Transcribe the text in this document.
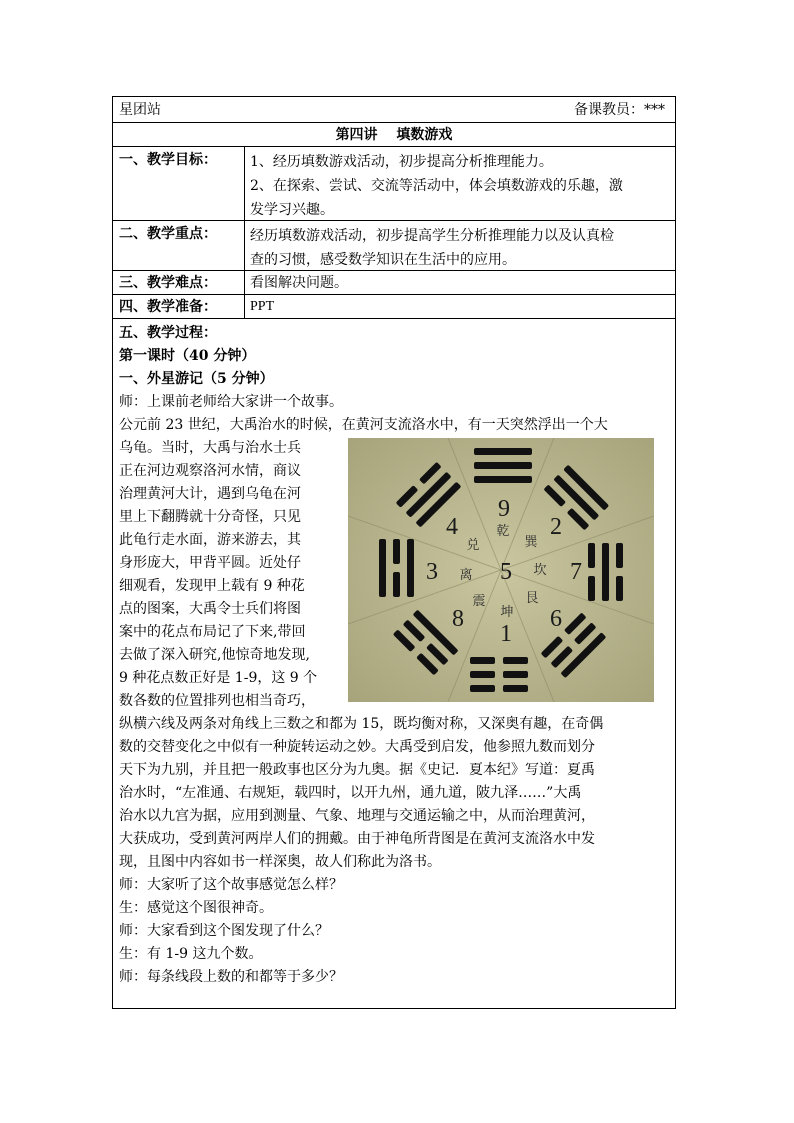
星团站	备课教员：***
第四讲　 填数游戏
一、教学目标： 1、经历填数游戏活动，初步提高分析推理能力。
2、在探索、尝试、交流等活动中，体会填数游戏的乐趣，激
发学习兴趣。
二、教学重点： 经历填数游戏活动，初步提高学生分析推理能力以及认真检
查的习惯，感受数学知识在生活中的应用。
三、教学难点： 看图解决问题。
四、教学准备： PPT
五、教学过程：
第一课时（40 分钟）
一、外星游记（5 分钟）
师：上课前老师给大家讲一个故事。
公元前 23 世纪，大禹治水的时候，在黄河支流洛水中，有一天突然浮出一个大
乌龟。当时，大禹与治水士兵
正在河边观察洛河水情，商议
治理黄河大计，遇到乌龟在河
里上下翻腾就十分奇怪，只见
此龟行走水面，游来游去，其
身形庞大，甲背平圆。近处仔
细观看，发现甲上载有 9 种花
点的图案，大禹令士兵们将图
案中的花点布局记了下来,带回
去做了深入研究,他惊奇地发现,
9 种花点数正好是 1-9，这 9 个
数各数的位置排列也相当奇巧，
纵横六线及两条对角线上三数之和都为 15，既均衡对称，又深奥有趣，在奇偶
数的交替变化之中似有一种旋转运动之妙。大禹受到启发，他参照九数而划分
天下为九别，并且把一般政事也区分为九奥。据《史记．夏本纪》写道：夏禹
治水时，“左准通、右规矩，载四时，以开九州，通九道，陂九泽……”大禹
治水以九宫为据，应用到测量、气象、地理与交通运输之中，从而治理黄河，
大获成功，受到黄河两岸人们的拥戴。由于神龟所背图是在黄河支流洛水中发
现，且图中内容如书一样深奥，故人们称此为洛书。
师：大家听了这个故事感觉怎么样？
生：感觉这个图很神奇。
师：大家看到这个图发现了什么？
生：有 1-9 这九个数。
师：每条线段上数的和都等于多少？
9
2
7
6
1
8
3
4
5
乾
巽
坎
艮
坤
震
离
兑
